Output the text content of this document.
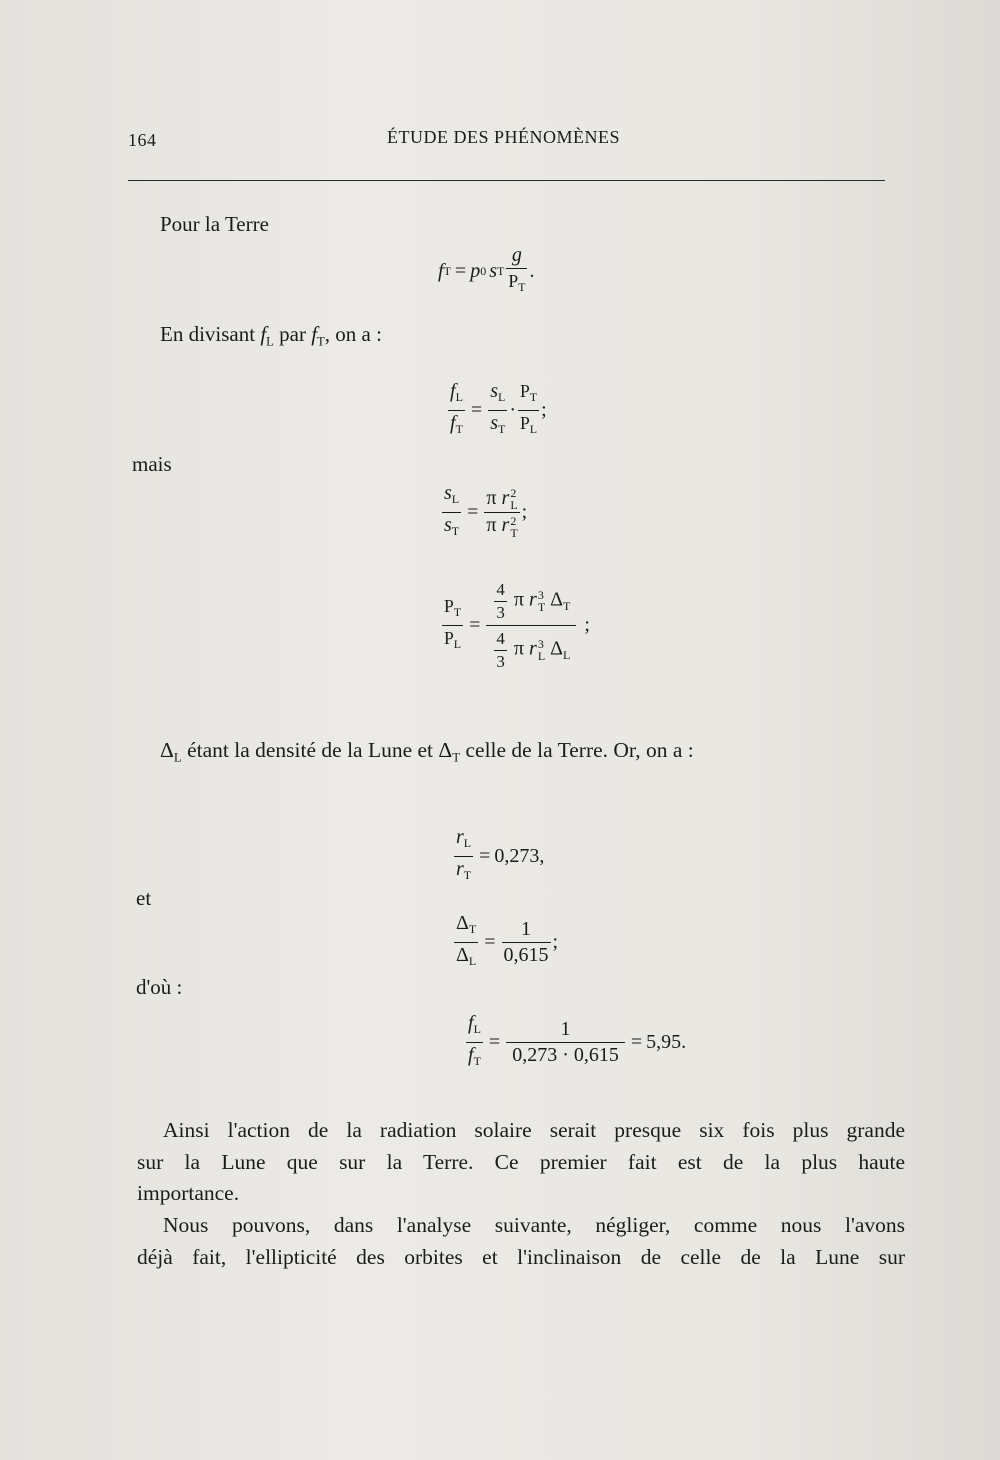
164	ÉTUDE DES PHÉNOMÈNES
Pour la Terre
f T = p 0 s T $\frac{g}{P_T}$ .
En divisant $f_L$ par $f_T$, on a :
$\frac{f_L}{f_T} = \frac{s_L}{s_T} \cdot \frac{P_T}{P_L}$ ;
mais
$\frac{s_L}{s_T} = \pi$ r 2
L
π r 2
T ;
$\frac{P_T}{P_L} = \frac{4}{3}$ π r 3
T $\Delta_T$
$\frac{4}{3}$ π r 3
L $\Delta_L$ ;
$\Delta_L$ étant la densité de la Lune et $\Delta_T$ celle de la Terre. Or, on a :
$\frac{r_L}{r_T} = 0,273$ ,
et
$\frac{\Delta_T}{\Delta_L} = \frac{1}{0,615}$ ;
d'où :
$\frac{f_L}{f_T} = \frac{1}{0,273 \cdot 0,615} = 5,95$ .
Ainsi l'action de la radiation solaire serait presque six fois plus grande
sur la Lune que sur la Terre. Ce premier fait est de la plus haute
importance.
Nous pouvons, dans l'analyse suivante, négliger, comme nous l'avons
déjà fait, l'ellipticité des orbites et l'inclinaison de celle de la Lune sur
